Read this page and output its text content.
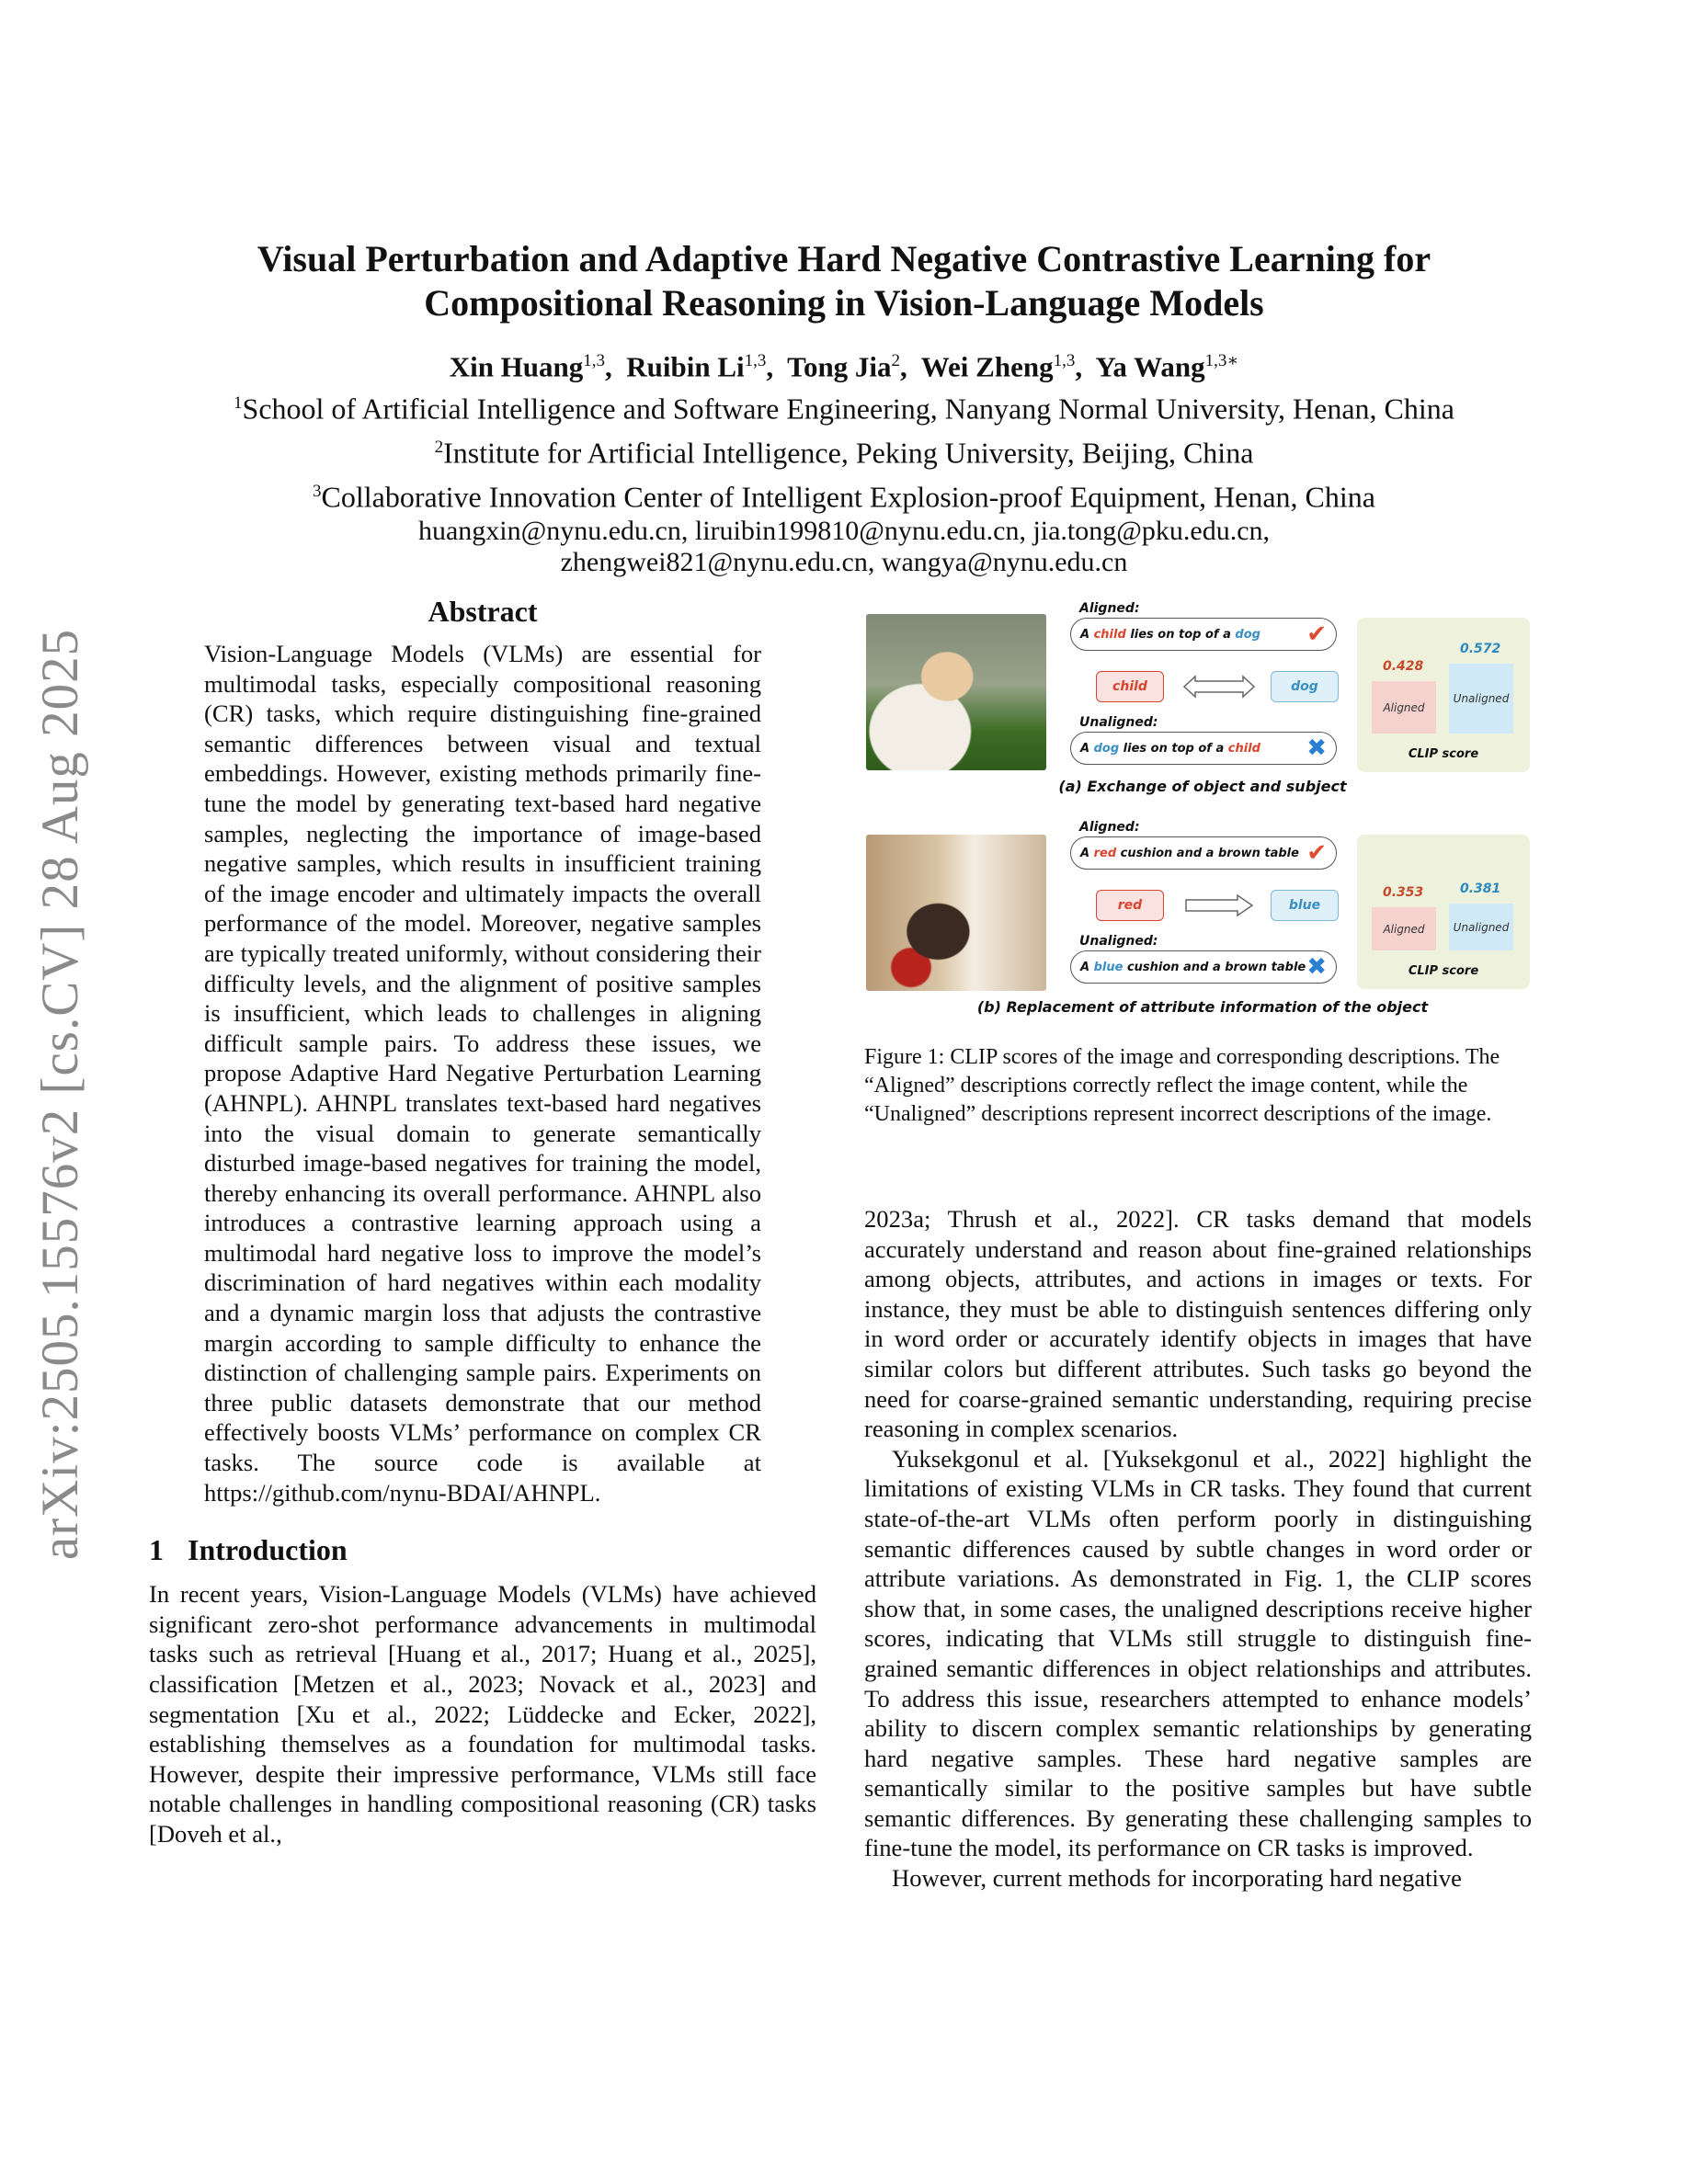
arXiv:2505.15576v2 [cs.CV] 28 Aug 2025
Visual Perturbation and Adaptive Hard Negative Contrastive Learning for
Compositional Reasoning in Vision-Language Models
Xin Huang$^{1,3}$,  Ruibin Li$^{1,3}$,  Tong Jia$^2$,  Wei Zheng$^{1,3}$,  Ya Wang$^{1,3∗}$
$^1$School of Artificial Intelligence and Software Engineering, Nanyang Normal University, Henan, China
$^2$Institute for Artificial Intelligence, Peking University, Beijing, China
$^3$Collaborative Innovation Center of Intelligent Explosion-proof Equipment, Henan, China
huangxin@nynu.edu.cn, liruibin199810@nynu.edu.cn, jia.tong@pku.edu.cn,
zhengwei821@nynu.edu.cn, wangya@nynu.edu.cn
Abstract

Vision-Language Models (VLMs) are essential for multimodal tasks, especially compositional reasoning (CR) tasks, which require distinguishing fine-grained semantic differences between visual and textual embeddings. However, existing methods primarily fine-tune the model by generating text-based hard negative samples, neglecting the importance of image-based negative samples, which results in insufficient training of the image encoder and ultimately impacts the overall performance of the model. Moreover, negative samples are typically treated uniformly, without considering their difficulty levels, and the alignment of positive samples is insufficient, which leads to challenges in aligning difficult sample pairs. To address these issues, we propose Adaptive Hard Negative Perturbation Learning (AHNPL). AHNPL translates text-based hard negatives into the visual domain to generate semantically disturbed image-based negatives for training the model, thereby enhancing its overall performance. AHNPL also introduces a contrastive learning approach using a multimodal hard negative loss to improve the model’s discrimination of hard negatives within each modality and a dynamic margin loss that adjusts the contrastive margin according to sample difficulty to enhance the distinction of challenging sample pairs. Experiments on three public datasets demonstrate that our method effectively boosts VLMs’ performance on complex CR tasks. The source code is available at https://github.com/nynu-BDAI/AHNPL.

1 Introduction

In recent years, Vision-Language Models (VLMs) have achieved significant zero-shot performance advancements in multimodal tasks such as retrieval [Huang et al., 2017; Huang et al., 2025], classification [Metzen et al., 2023; Novack et al., 2023] and segmentation [Xu et al., 2022; Lüddecke and Ecker, 2022], establishing themselves as a foundation for multimodal tasks. However, despite their impressive performance, VLMs still face notable challenges in handling compositional reasoning (CR) tasks [Doveh et al.,

Aligned:
A
child
lies on top of a
dog ✔
child	dog
Unaligned:
A
dog
lies on top of a
child ✖
0.428
0.572
Aligned
Unaligned
CLIP score
(a) Exchange of object and subject
Aligned:
A
red
cushion and a brown table ✔
red	blue
Unaligned:
A
blue
cushion and a brown table ✖
0.353	0.381
Aligned	Unaligned
CLIP score
(b) Replacement of attribute information of the object
Figure 1: CLIP scores of the image and corresponding descriptions. The “Aligned” descriptions correctly reflect the image content, while the “Unaligned” descriptions represent incorrect descriptions of the image.

2023a; Thrush et al., 2022]. CR tasks demand that models accurately understand and reason about fine-grained relationships among objects, attributes, and actions in images or texts. For instance, they must be able to distinguish sentences differing only in word order or accurately identify objects in images that have similar colors but different attributes. Such tasks go beyond the need for coarse-grained semantic understanding, requiring precise reasoning in complex scenarios.

Yuksekgonul et al. [Yuksekgonul et al., 2022] highlight the limitations of existing VLMs in CR tasks. They found that current state-of-the-art VLMs often perform poorly in distinguishing semantic differences caused by subtle changes in word order or attribute variations. As demonstrated in Fig. 1, the CLIP scores show that, in some cases, the unaligned descriptions receive higher scores, indicating that VLMs still struggle to distinguish fine-grained semantic differences in object relationships and attributes. To address this issue, researchers attempted to enhance models’ ability to discern complex semantic relationships by generating hard negative samples. These hard negative samples are semantically similar to the positive samples but have subtle semantic differences. By generating these challenging samples to fine-tune the model, its performance on CR tasks is improved.

However, current methods for incorporating hard negative
